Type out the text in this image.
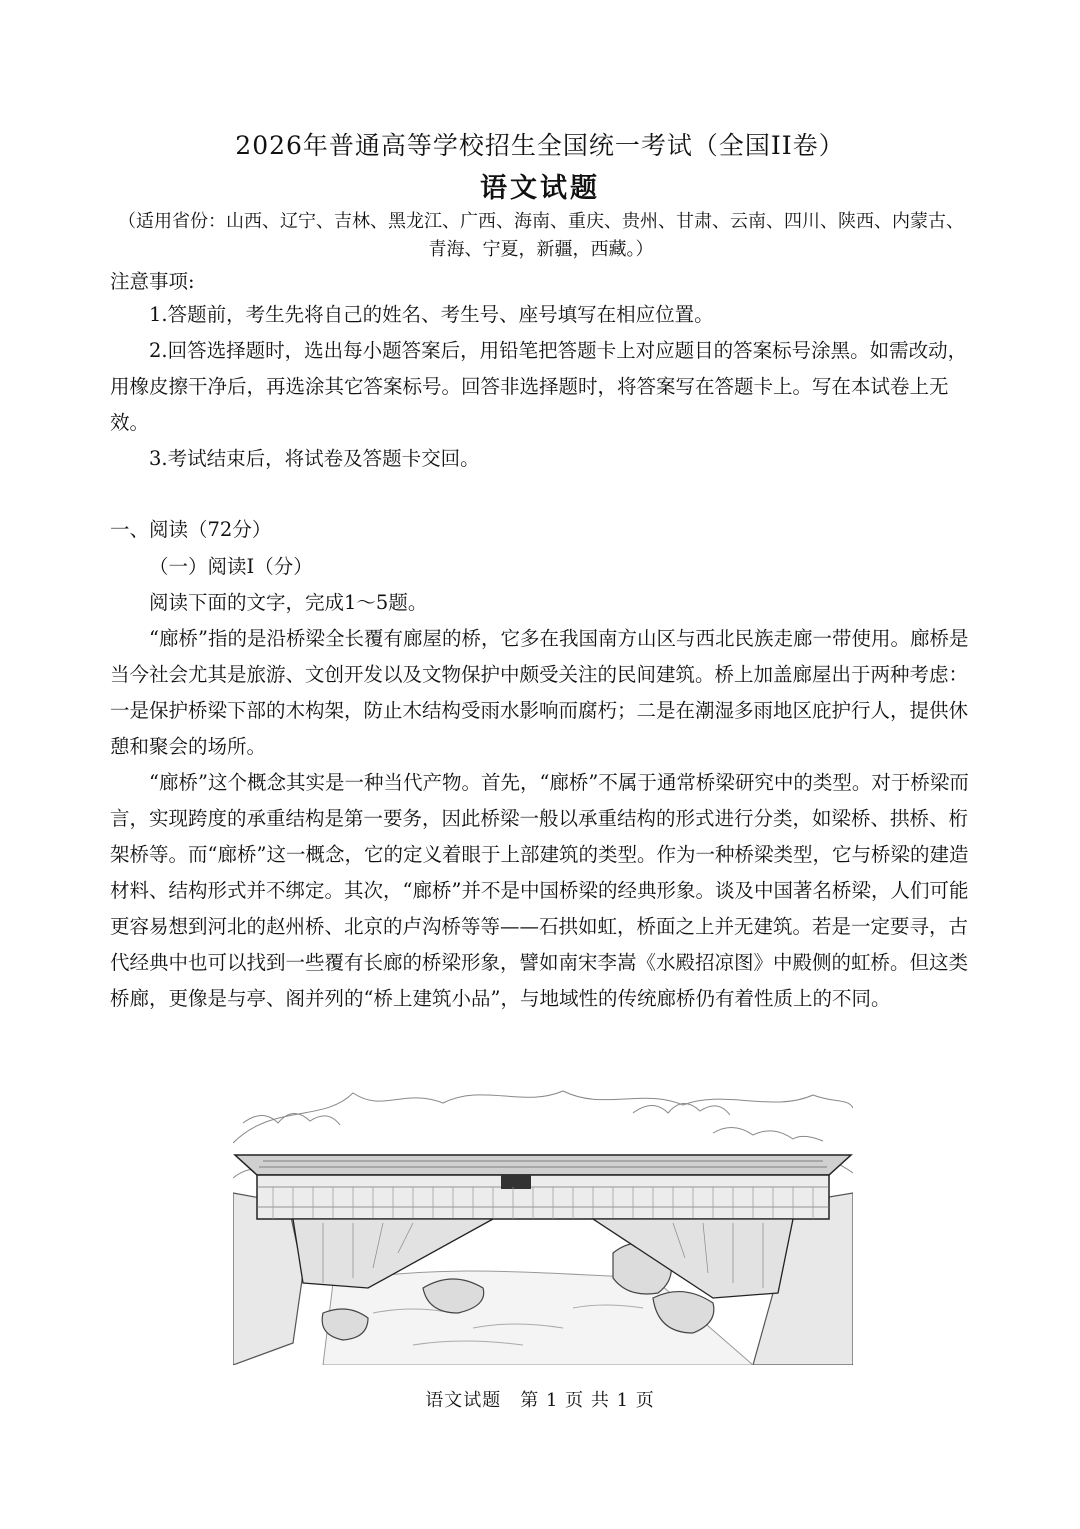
2026年普通高等学校招生全国统一考试（全国II卷）
语文试题
（适用省份：山西、辽宁、吉林、黑龙江、广西、海南、重庆、贵州、甘肃、云南、四川、陕西、内蒙古、
青海、宁夏，新疆，西藏。）
注意事项:

1.答题前，考生先将自己的姓名、考生号、座号填写在相应位置。

2.回答选择题时，选出每小题答案后，用铅笔把答题卡上对应题目的答案标号涂黑。如需改动，用橡皮擦干净后，再选涂其它答案标号。回答非选择题时，将答案写在答题卡上。写在本试卷上无效。

3.考试结束后，将试卷及答题卡交回。

一、阅读（72分）

（一）阅读I（分）

阅读下面的文字，完成1～5题。

“廊桥”指的是沿桥梁全长覆有廊屋的桥，它多在我国南方山区与西北民族走廊一带使用。廊桥是当今社会尤其是旅游、文创开发以及文物保护中颇受关注的民间建筑。桥上加盖廊屋出于两种考虑：一是保护桥梁下部的木构架，防止木结构受雨水影响而腐朽；二是在潮湿多雨地区庇护行人，提供休憩和聚会的场所。

“廊桥”这个概念其实是一种当代产物。首先，“廊桥”不属于通常桥梁研究中的类型。对于桥梁而言，实现跨度的承重结构是第一要务，因此桥梁一般以承重结构的形式进行分类，如梁桥、拱桥、桁架桥等。而“廊桥”这一概念，它的定义着眼于上部建筑的类型。作为一种桥梁类型，它与桥梁的建造材料、结构形式并不绑定。其次，“廊桥”并不是中国桥梁的经典形象。谈及中国著名桥梁，人们可能更容易想到河北的赵州桥、北京的卢沟桥等等——石拱如虹，桥面之上并无建筑。若是一定要寻，古代经典中也可以找到一些覆有长廊的桥梁形象，譬如南宋李嵩《水殿招凉图》中殿侧的虹桥。但这类桥廊，更像是与亭、阁并列的“桥上建筑小品”，与地域性的传统廊桥仍有着性质上的不同。

语文试题　第 1 页 共 1 页
